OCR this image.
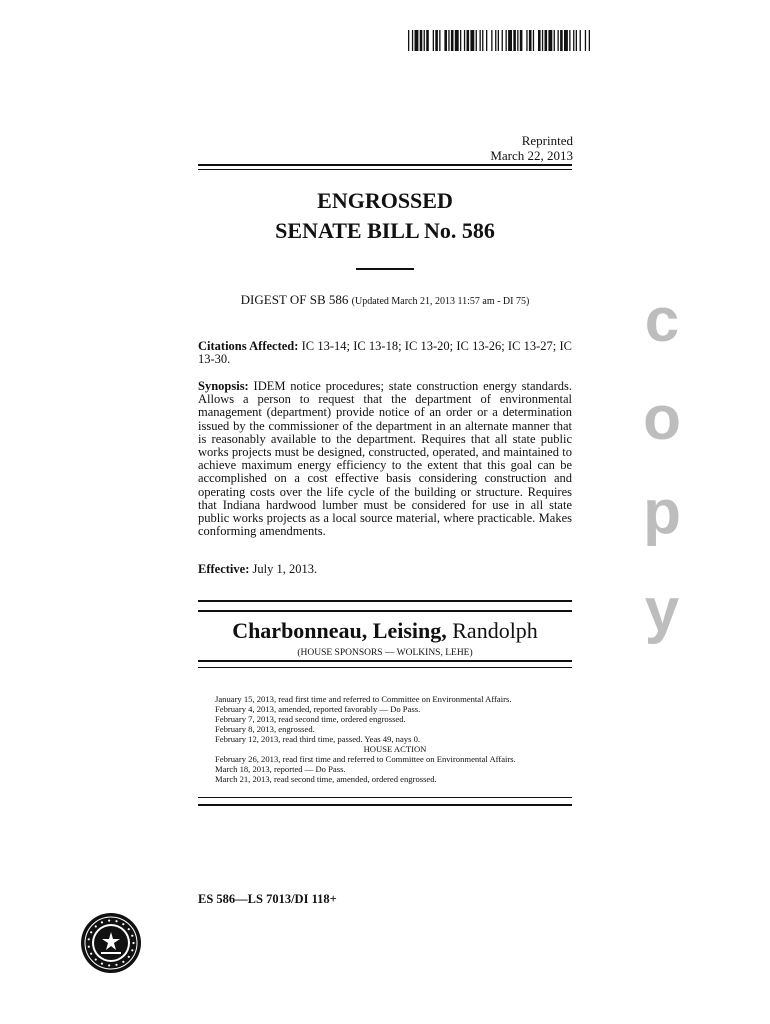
Reprinted
March 22, 2013
ENGROSSED
SENATE BILL No. 586
DIGEST OF SB 586 (Updated March 21, 2013 11:57 am - DI 75)
Citations Affected: IC 13-14; IC 13-18; IC 13-20; IC 13-26; IC 13-27; IC 13-30.
Synopsis: IDEM notice procedures; state construction energy standards. Allows a person to request that the department of environmental management (department) provide notice of an order or a determination issued by the commissioner of the department in an alternate manner that is reasonably available to the department. Requires that all state public works projects must be designed, constructed, operated, and maintained to achieve maximum energy efficiency to the extent that this goal can be accomplished on a cost effective basis considering construction and operating costs over the life cycle of the building or structure. Requires that Indiana hardwood lumber must be considered for use in all state public works projects as a local source material, where practicable. Makes conforming amendments.
Effective: July 1, 2013.
Charbonneau, Leising, Randolph
(HOUSE SPONSORS — WOLKINS, LEHE)
January 15, 2013, read first time and referred to Committee on Environmental Affairs.
February 4, 2013, amended, reported favorably — Do Pass.
February 7, 2013, read second time, ordered engrossed.
February 8, 2013, engrossed.
February 12, 2013, read third time, passed. Yeas 49, nays 0.
HOUSE ACTION
February 26, 2013, read first time and referred to Committee on Environmental Affairs.
March 18, 2013, reported — Do Pass.
March 21, 2013, read second time, amended, ordered engrossed.
ES 586—LS 7013/DI 118+
c
o
p
y
